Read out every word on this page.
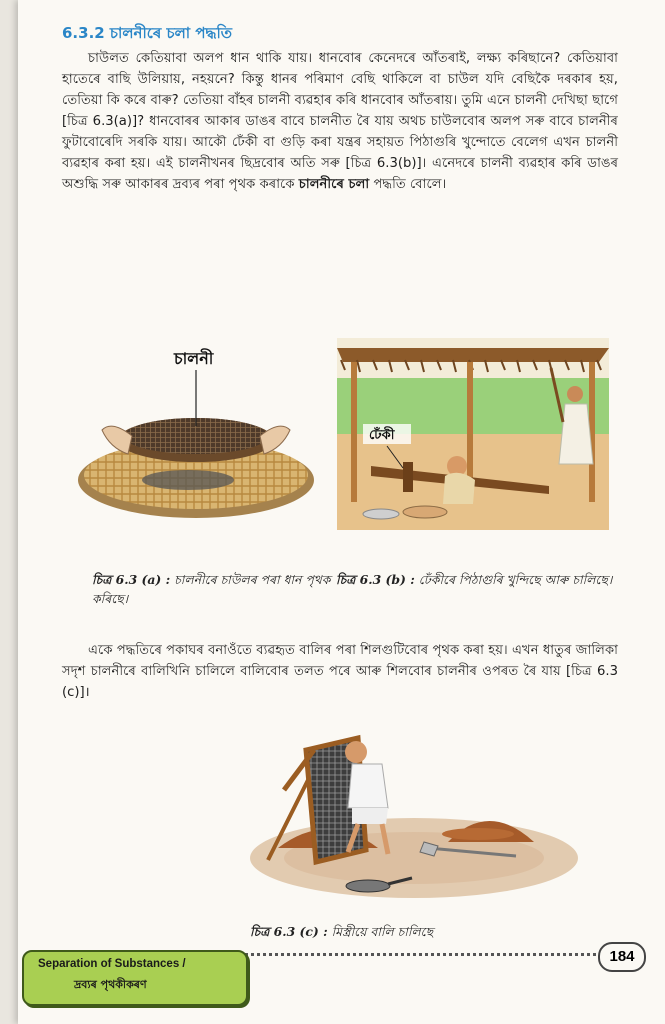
6.3.2 চালনীৰে চলা পদ্ধতি
চাউলত কেতিয়াবা অলপ ধান থাকি যায়। ধানবোৰ কেনেদৰে আঁতৰাই, লক্ষ্য কৰিছানে? কেতিয়াবা হাতেৰে বাছি উলিয়ায়, নহয়নে? কিন্তু ধানৰ পৰিমাণ বেছি থাকিলে বা চাউল যদি বেছিকৈ দৰকাৰ হয়, তেতিয়া কি কৰে বাৰু? তেতিয়া বাঁহৰ চালনী ব্যৱহাৰ কৰি ধানবোৰ আঁতৰায়। তুমি এনে চালনী দেখিছা ছাগে [চিত্ৰ 6.3(a)]? ধানবোৰৰ আকাৰ ডাঙৰ বাবে চালনীত ৰৈ যায় অথচ চাউলবোৰ অলপ সৰু বাবে চালনীৰ ফুটাবোৰেদি সৰকি যায়। আকৌ ঢেঁকী বা গুড়ি কৰা যন্ত্ৰৰ সহায়ত পিঠাগুৰি খুন্দোতে বেলেগ এখন চালনী ব্যৱহাৰ কৰা হয়। এই চালনীখনৰ ছিদ্ৰবোৰ অতি সৰু [চিত্ৰ 6.3(b)]। এনেদৰে চালনী ব্যৱহাৰ কৰি ডাঙৰ অশুদ্ধি সৰু আকাৰৰ দ্ৰব্যৰ পৰা পৃথক কৰাকে চালনীৰে চলা পদ্ধতি বোলে।
চালনী
ঢেঁকী
চিত্ৰ 6.3 (a) : চালনীৰে চাউলৰ পৰা ধান পৃথক কৰিছে।
চিত্ৰ 6.3 (b) : ঢেঁকীৰে পিঠাগুৰি খুন্দিছে আৰু চালিছে।
একে পদ্ধতিৰে পকাঘৰ বনাওঁতে ব্যৱহৃত বালিৰ পৰা শিলগুটিবোৰ পৃথক কৰা হয়। এখন ধাতুৰ জালিকা সদৃশ চালনীৰে বালিখিনি চালিলে বালিবোৰ তলত পৰে আৰু শিলবোৰ চালনীৰ ওপৰত ৰৈ যায় [চিত্ৰ 6.3 (c)]।
চিত্ৰ 6.3 (c) : মিস্ত্ৰীয়ে বালি চালিছে
Separation of Substances /
দ্ৰব্যৰ পৃথকীকৰণ
184
